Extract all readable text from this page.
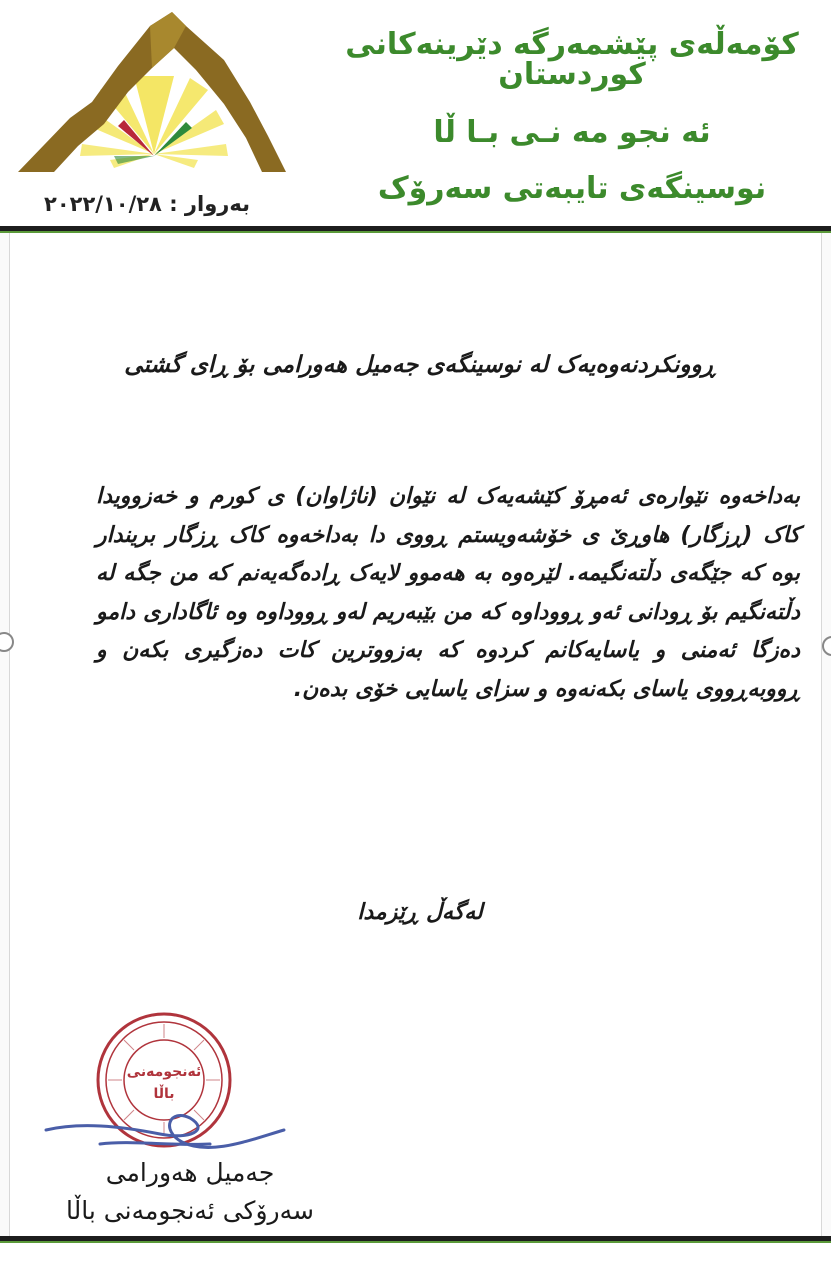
كۆمەڵەی پێشمەرگە دێرینەكانی كوردستان
ئە نجو مە نـی بـا ڵا
نوسینگەی تایبەتی سەرۆک
بەروار : ٢٠٢٢/١٠/٢٨
ڕوونكردنەوەیەک لە نوسینگەی جەمیل هەورامی بۆ ڕای گشتی
بەداخەوە نێوارەی ئەمڕۆ كێشەیەک لە نێوان (ناژاوان) ی كورم و خەزوویدا كاک (ڕزگار) هاوڕێ ی خۆشەویستم ڕووی دا بەداخەوە كاک ڕزگار بریندار بوە کە جێگەی دڵتەنگیمە. لێرەوە بە هەموو لایەک ڕادەگەیەنم کە من جگە لە دڵتەنگیم بۆ ڕودانی ئەو ڕووداوە کە من بێبەریم لەو ڕووداوە وە ئاگاداری دامو دەزگا ئەمنی و یاسایەكانم كردوە کە بەزووترین كات دەزگیری بكەن و ڕووبەڕووی یاسای بكەنەوە و سزای یاسایی خۆی بدەن.
لەگەڵ ڕێزمدا
ئەنجومەنی
باڵا
جەمیل هەورامی
سەرۆكی ئەنجومەنی باڵا
